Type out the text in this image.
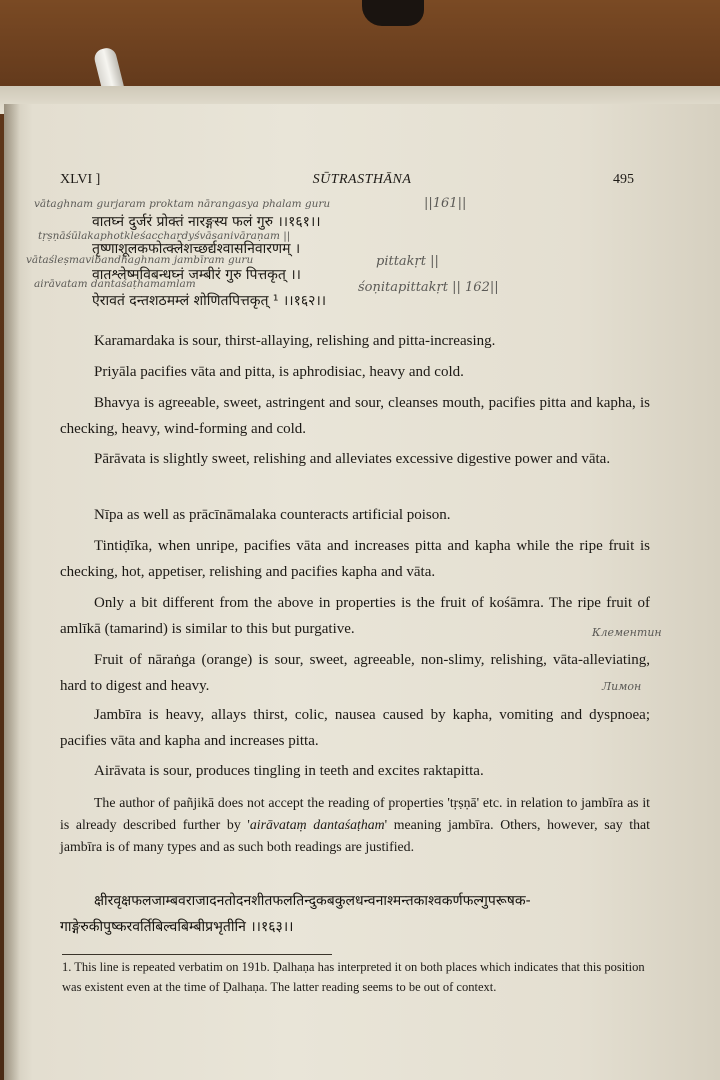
XLVI ]	SŪTRASTHĀNA	495
vātaghnam gurjaram proktam nārangasya phalam guru	||161||
tṛṣṇāśūlakaphotkleśacchardyśvāsanivāraṇam ||
vātaśleṣmavibandhaghnam jambīram guru	pittakṛt ||
airāvatam dantaśaṭhamamlam	śoṇitapittakṛt || 162||
वातघ्नं दुर्जरं प्रोक्तं नारङ्गस्य फलं गुरु ।।१६१।।
तृष्णाशूलकफोत्क्लेशच्छर्द्यश्वासनिवारणम् ।
वातश्लेष्मविबन्धघ्नं जम्बीरं गुरु पित्तकृत् ।।
ऐरावतं दन्तशठमम्लं शोणितपित्तकृत् ¹ ।।१६२।।

Karamardaka is sour, thirst-allaying, relishing and pitta-increasing.

Priyāla pacifies vāta and pitta, is aphrodisiac, heavy and cold.

Bhavya is agreeable, sweet, astringent and sour, cleanses mouth, pacifies pitta and kapha, is checking, heavy, wind-forming and cold.

Pārāvata is slightly sweet, relishing and alleviates excessive digestive power and vāta.

Nīpa as well as prācīnāmalaka counteracts artificial poison.

Tintiḍīka, when unripe, pacifies vāta and increases pitta and kapha while the ripe fruit is checking, hot, appetiser, relishing and pacifies kapha and vāta.

Only a bit different from the above in properties is the fruit of kośāmra. The ripe fruit of amlīkā (tamarind) is similar to this but purgative.

Fruit of nāraṅga (orange) is sour, sweet, agreeable, non-slimy, relishing, vāta-alleviating, hard to digest and heavy.

Jambīra is heavy, allays thirst, colic, nausea caused by kapha, vomiting and dyspnoea; pacifies vāta and kapha and increases pitta.

Airāvata is sour, produces tingling in teeth and excites raktapitta.

The author of pañjikā does not accept the reading of properties 'tṛṣṇā' etc. in relation to jambīra as it is already described further by 'airāvataṃ dantaśaṭham' meaning jambīra. Others, however, say that jambīra is of many types and as such both readings are justified.

क्षीरवृक्षफलजाम्बवराजादनतोदनशीतफलतिन्दुकबकुलधन्वनाश्मन्तकाश्वकर्णफल्गुपरूषक-गाङ्गेरुकीपुष्करवर्तिबिल्वबिम्बीप्रभृतीनि ।।१६३।।

1. This line is repeated verbatim on 191b. Ḍalhaṇa has interpreted it on both places which indicates that this position was existent even at the time of Ḍalhaṇa. The latter reading seems to be out of context.

Клементин
Лимон
